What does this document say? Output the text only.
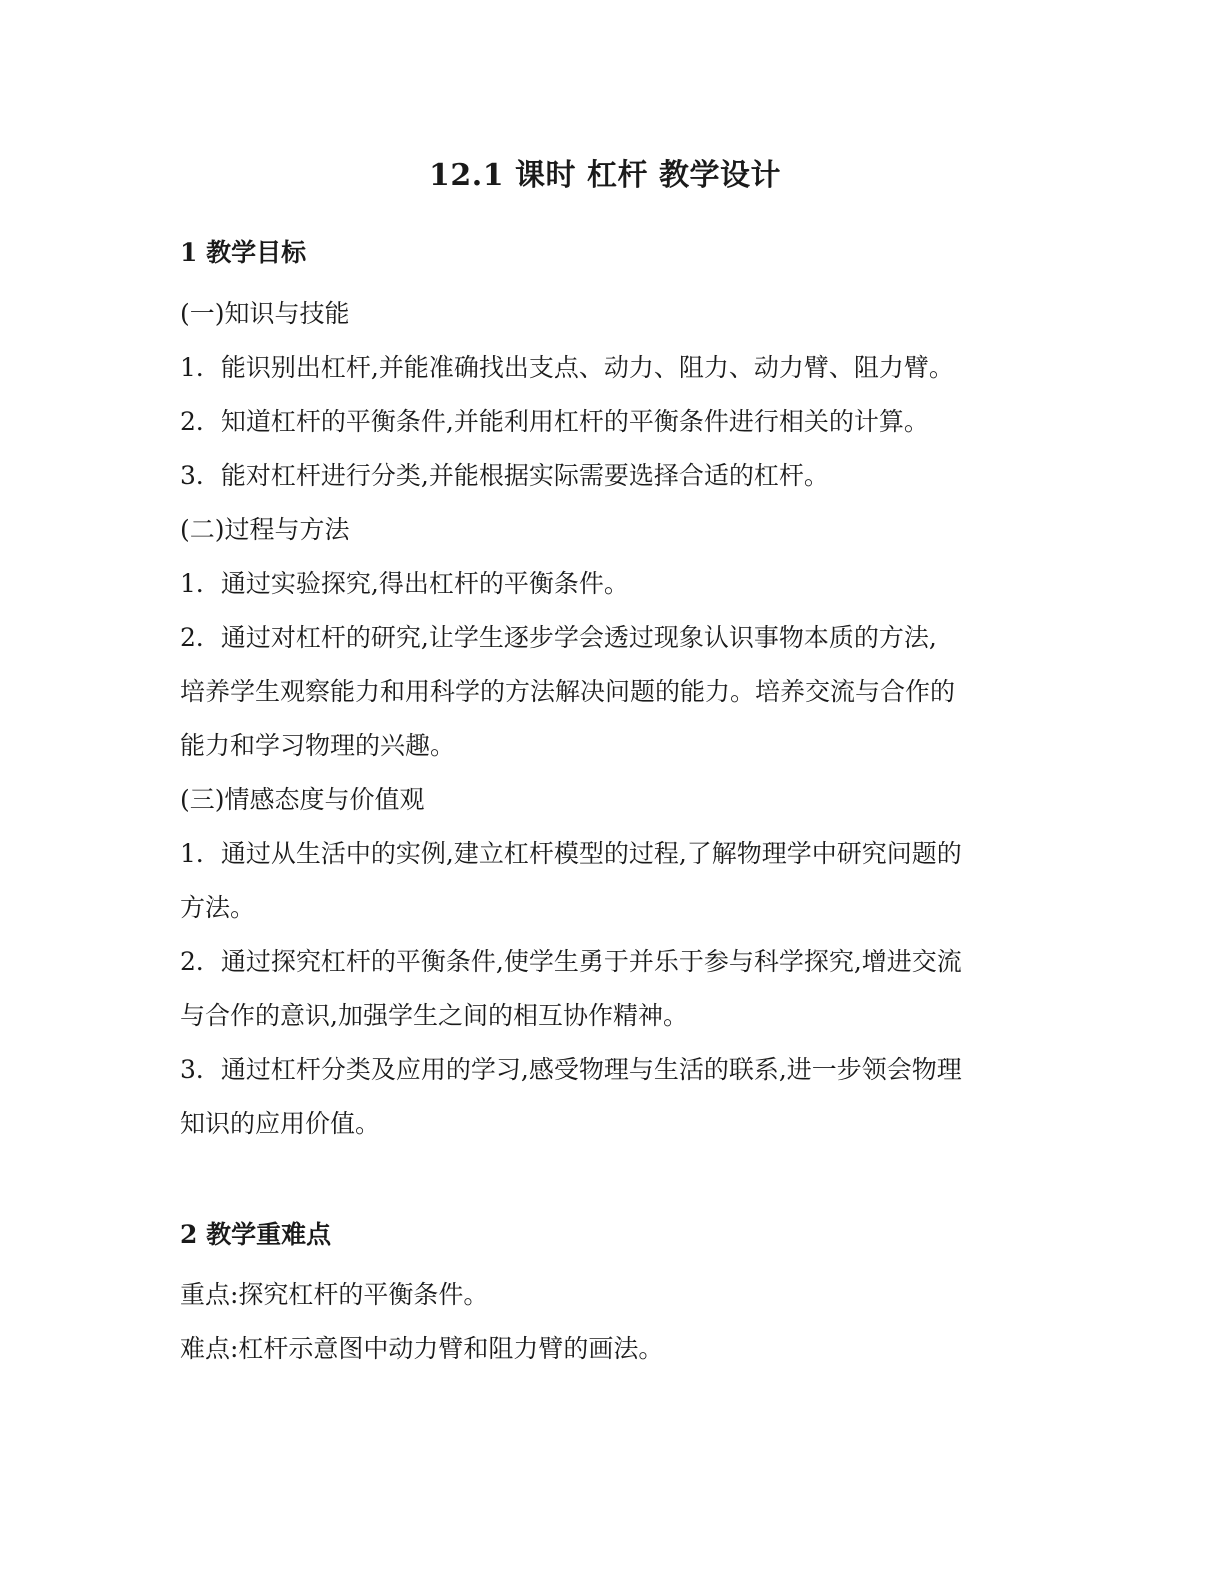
12.1 课时 杠杆 教学设计
1 教学目标
(一)知识与技能
1．能识别出杠杆,并能准确找出支点、动力、阻力、动力臂、阻力臂。
2．知道杠杆的平衡条件,并能利用杠杆的平衡条件进行相关的计算。
3．能对杠杆进行分类,并能根据实际需要选择合适的杠杆。
(二)过程与方法
1．通过实验探究,得出杠杆的平衡条件。
2．通过对杠杆的研究,让学生逐步学会透过现象认识事物本质的方法,
培养学生观察能力和用科学的方法解决问题的能力。培养交流与合作的
能力和学习物理的兴趣。
(三)情感态度与价值观
1．通过从生活中的实例,建立杠杆模型的过程,了解物理学中研究问题的
方法。
2．通过探究杠杆的平衡条件,使学生勇于并乐于参与科学探究,增进交流
与合作的意识,加强学生之间的相互协作精神。
3．通过杠杆分类及应用的学习,感受物理与生活的联系,进一步领会物理
知识的应用价值。
2 教学重难点
重点:探究杠杆的平衡条件。
难点:杠杆示意图中动力臂和阻力臂的画法。
